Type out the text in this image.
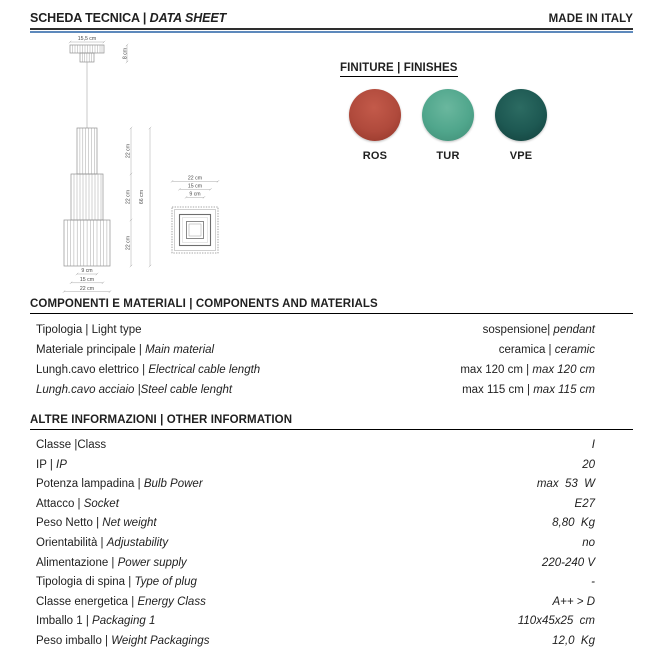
SCHEDA TECNICA | DATA SHEET	MADE IN ITALY
15,5 cm
8 cm
22 cm
22 cm
22 cm
66 cm
9 cm
15 cm
22 cm
22 cm
15 cm
9 cm
FINITURE | FINISHES
ROS	TUR	VPE
COMPONENTI E MATERIALI | COMPONENTS AND MATERIALS
Tipologia | Light type	sospensione| pendant
Materiale principale | Main material	ceramica | ceramic
Lungh.cavo elettrico | Electrical cable length	max 120 cm | max 120 cm
Lungh.cavo acciaio |Steel cable lenght	max 115 cm | max 115 cm
ALTRE INFORMAZIONI | OTHER INFORMATION
Classe |Class	I
IP | IP	20
Potenza lampadina | Bulb Power	max  53  W
Attacco | Socket	E27
Peso Netto | Net weight	8,80  Kg
Orientabilità | Adjustability	no
Alimentazione | Power supply	220-240 V
Tipologia di spina | Type of plug	-
Classe energetica | Energy Class	A++ > D
Imballo 1 | Packaging 1	110x45x25  cm
Peso imballo | Weight Packagings	12,0  Kg
